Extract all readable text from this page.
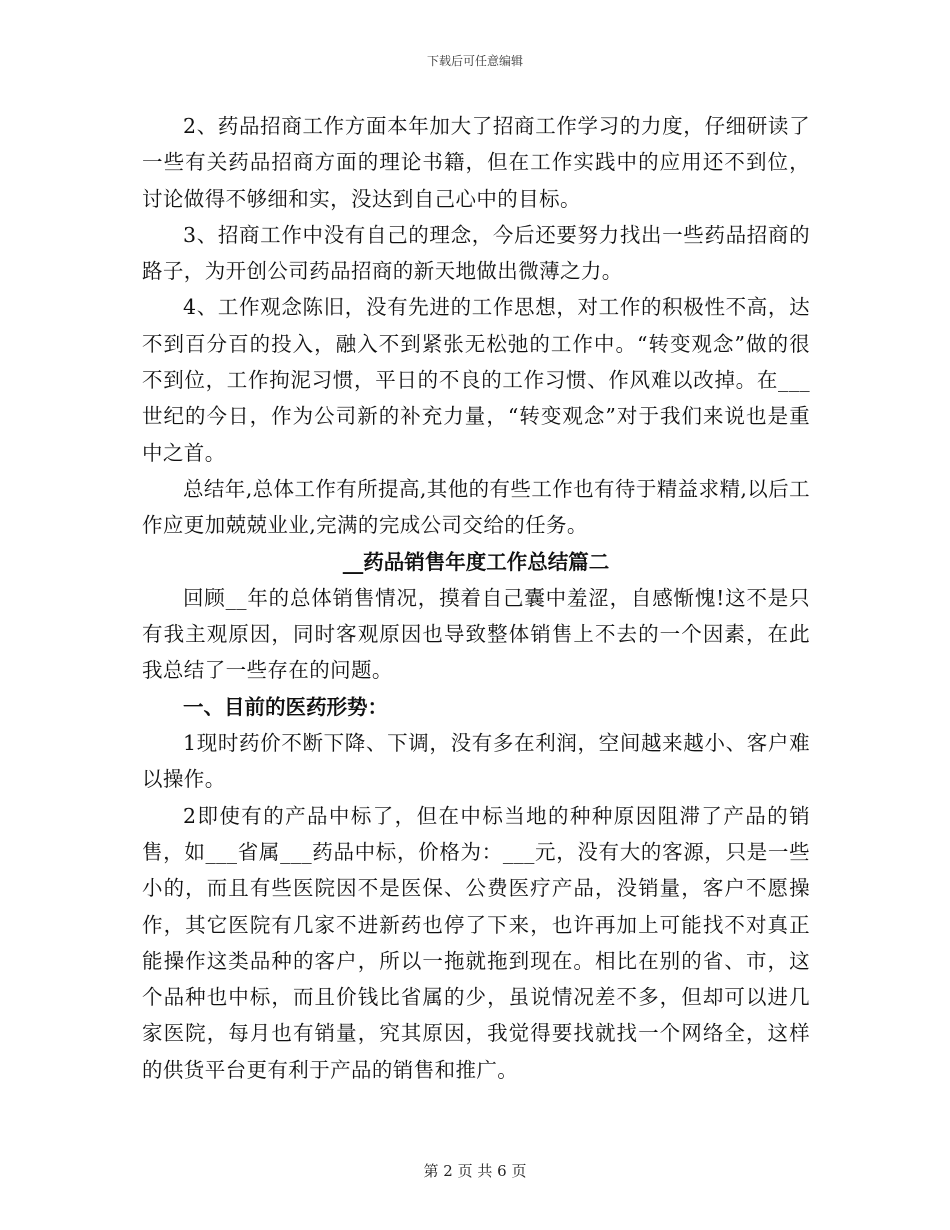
下载后可任意编辑

2、药品招商工作方面本年加大了招商工作学习的力度，仔细研读了一些有关药品招商方面的理论书籍，但在工作实践中的应用还不到位，讨论做得不够细和实，没达到自己心中的目标。

3、招商工作中没有自己的理念，今后还要努力找出一些药品招商的路子，为开创公司药品招商的新天地做出微薄之力。

4、工作观念陈旧，没有先进的工作思想，对工作的积极性不高，达不到百分百的投入，融入不到紧张无松弛的工作中。“转变观念”做的很不到位，工作拘泥习惯，平日的不良的工作习惯、作风难以改掉。在___世纪的今日，作为公司新的补充力量，“转变观念”对于我们来说也是重中之首。

总结年,总体工作有所提高,其他的有些工作也有待于精益求精,以后工作应更加兢兢业业,完满的完成公司交给的任务。

__药品销售年度工作总结篇二

回顾__年的总体销售情况，摸着自己囊中羞涩，自感惭愧!这不是只有我主观原因，同时客观原因也导致整体销售上不去的一个因素，在此我总结了一些存在的问题。

一、目前的医药形势：

1现时药价不断下降、下调，没有多在利润，空间越来越小、客户难以操作。

2即使有的产品中标了，但在中标当地的种种原因阻滞了产品的销售，如___省属___药品中标，价格为：___元，没有大的客源，只是一些小的，而且有些医院因不是医保、公费医疗产品，没销量，客户不愿操作，其它医院有几家不进新药也停了下来，也许再加上可能找不对真正能操作这类品种的客户，所以一拖就拖到现在。相比在别的省、市，这个品种也中标，而且价钱比省属的少，虽说情况差不多，但却可以进几家医院，每月也有销量，究其原因，我觉得要找就找一个网络全，这样的供货平台更有利于产品的销售和推广。

第 2 页 共 6 页
